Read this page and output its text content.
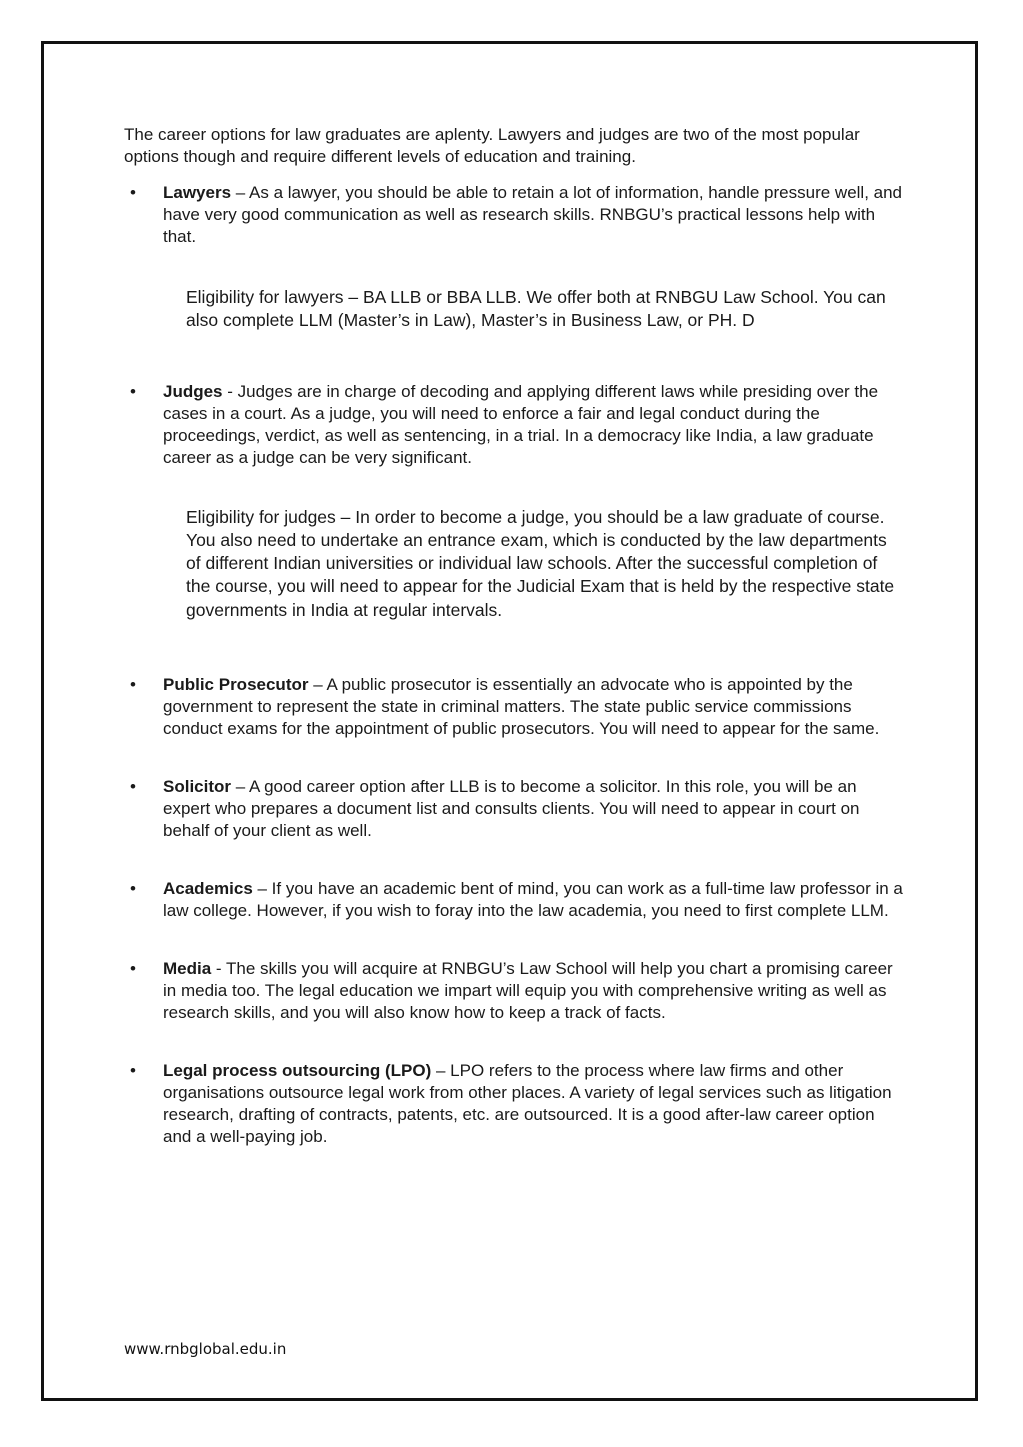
The career options for law graduates are aplenty. Lawyers and judges are two of the most popular options though and require different levels of education and training.

• Lawyers – As a lawyer, you should be able to retain a lot of information, handle pressure well, and have very good communication as well as research skills. RNBGU’s practical lessons help with that.

Eligibility for lawyers – BA LLB or BBA LLB. We offer both at RNBGU Law School. You can also complete LLM (Master’s in Law), Master’s in Business Law, or PH. D

• Judges - Judges are in charge of decoding and applying different laws while presiding over the cases in a court. As a judge, you will need to enforce a fair and legal conduct during the proceedings, verdict, as well as sentencing, in a trial. In a democracy like India, a law graduate career as a judge can be very significant.

Eligibility for judges – In order to become a judge, you should be a law graduate of course. You also need to undertake an entrance exam, which is conducted by the law departments of different Indian universities or individual law schools. After the successful completion of the course, you will need to appear for the Judicial Exam that is held by the respective state governments in India at regular intervals.

• Public Prosecutor – A public prosecutor is essentially an advocate who is appointed by the government to represent the state in criminal matters. The state public service commissions conduct exams for the appointment of public prosecutors. You will need to appear for the same.

• Solicitor – A good career option after LLB is to become a solicitor. In this role, you will be an expert who prepares a document list and consults clients. You will need to appear in court on behalf of your client as well.

• Academics – If you have an academic bent of mind, you can work as a full-time law professor in a law college. However, if you wish to foray into the law academia, you need to first complete LLM.

• Media - The skills you will acquire at RNBGU’s Law School will help you chart a promising career in media too. The legal education we impart will equip you with comprehensive writing as well as research skills, and you will also know how to keep a track of facts.

• Legal process outsourcing (LPO) – LPO refers to the process where law firms and other organisations outsource legal work from other places. A variety of legal services such as litigation research, drafting of contracts, patents, etc. are outsourced. It is a good after-law career option and a well-paying job.

www.rnbglobal.edu.in
